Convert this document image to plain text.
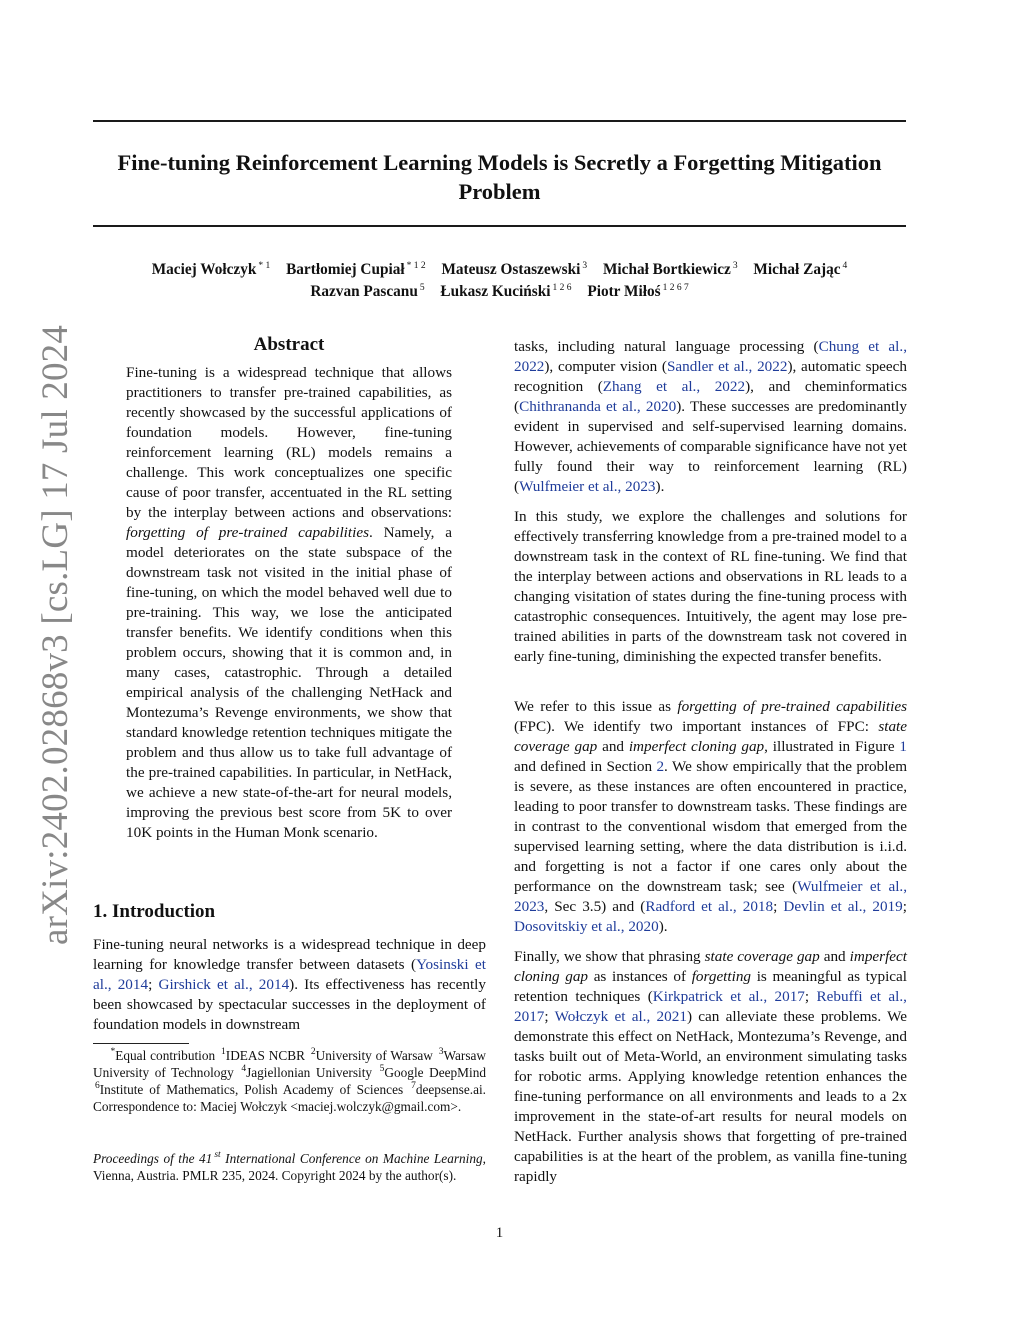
arXiv:2402.02868v3 [cs.LG] 17 Jul 2024
Fine-tuning Reinforcement Learning Models is Secretly a Forgetting Mitigation Problem
Maciej Wołczyk $^{* 1}$ Bartłomiej Cupiał $^{* 1 2}$ Mateusz Ostaszewski $^3$ Michał Bortkiewicz $^3$ Michał Zając $^4$
Razvan Pascanu $^5$ Łukasz Kuciński $^{1 2 6}$ Piotr Miłoś $^{1 2 6 7}$
Abstract

Fine-tuning is a widespread technique that allows practitioners to transfer pre-trained capabilities, as recently showcased by the successful applications of foundation models. However, fine-tuning reinforcement learning (RL) models remains a challenge. This work conceptualizes one specific cause of poor transfer, accentuated in the RL setting by the interplay between actions and observations: forgetting of pre-trained capabilities. Namely, a model deteriorates on the state subspace of the downstream task not visited in the initial phase of fine-tuning, on which the model behaved well due to pre-training. This way, we lose the anticipated transfer benefits. We identify conditions when this problem occurs, showing that it is common and, in many cases, catastrophic. Through a detailed empirical analysis of the challenging NetHack and Montezuma’s Revenge environments, we show that standard knowledge retention techniques mitigate the problem and thus allow us to take full advantage of the pre-trained capabilities. In particular, in NetHack, we achieve a new state-of-the-art for neural models, improving the previous best score from 5K to over 10K points in the Human Monk scenario.

1. Introduction

Fine-tuning neural networks is a widespread technique in deep learning for knowledge transfer between datasets (Yosinski et al., 2014; Girshick et al., 2014). Its effectiveness has recently been showcased by spectacular successes in the deployment of foundation models in downstream

*Equal contribution $^1$IDEAS NCBR $^2$University of Warsaw $^3$Warsaw University of Technology $^4$Jagiellonian University $^5$Google DeepMind $^6$Institute of Mathematics, Polish Academy of Sciences $^7$deepsense.ai. Correspondence to: Maciej Wołczyk <maciej.wolczyk@gmail.com>.

Proceedings of the 41 $^{st}$ International Conference on Machine Learning, Vienna, Austria. PMLR 235, 2024. Copyright 2024 by the author(s).

tasks, including natural language processing (Chung et al., 2022), computer vision (Sandler et al., 2022), automatic speech recognition (Zhang et al., 2022), and cheminformatics (Chithrananda et al., 2020). These successes are predominantly evident in supervised and self-supervised learning domains. However, achievements of comparable significance have not yet fully found their way to reinforcement learning (RL) (Wulfmeier et al., 2023).

In this study, we explore the challenges and solutions for effectively transferring knowledge from a pre-trained model to a downstream task in the context of RL fine-tuning. We find that the interplay between actions and observations in RL leads to a changing visitation of states during the fine-tuning process with catastrophic consequences. Intuitively, the agent may lose pre-trained abilities in parts of the downstream task not covered in early fine-tuning, diminishing the expected transfer benefits.

We refer to this issue as forgetting of pre-trained capabilities (FPC). We identify two important instances of FPC: state coverage gap and imperfect cloning gap, illustrated in Figure 1 and defined in Section 2. We show empirically that the problem is severe, as these instances are often encountered in practice, leading to poor transfer to downstream tasks. These findings are in contrast to the conventional wisdom that emerged from the supervised learning setting, where the data distribution is i.i.d. and forgetting is not a factor if one cares only about the performance on the downstream task; see (Wulfmeier et al., 2023, Sec 3.5) and (Radford et al., 2018; Devlin et al., 2019; Dosovitskiy et al., 2020).

Finally, we show that phrasing state coverage gap and imperfect cloning gap as instances of forgetting is meaningful as typical retention techniques (Kirkpatrick et al., 2017; Rebuffi et al., 2017; Wołczyk et al., 2021) can alleviate these problems. We demonstrate this effect on NetHack, Montezuma’s Revenge, and tasks built out of Meta-World, an environment simulating tasks for robotic arms. Applying knowledge retention enhances the fine-tuning performance on all environments and leads to a 2x improvement in the state-of-art results for neural models on NetHack. Further analysis shows that forgetting of pre-trained capabilities is at the heart of the problem, as vanilla fine-tuning rapidly

1
